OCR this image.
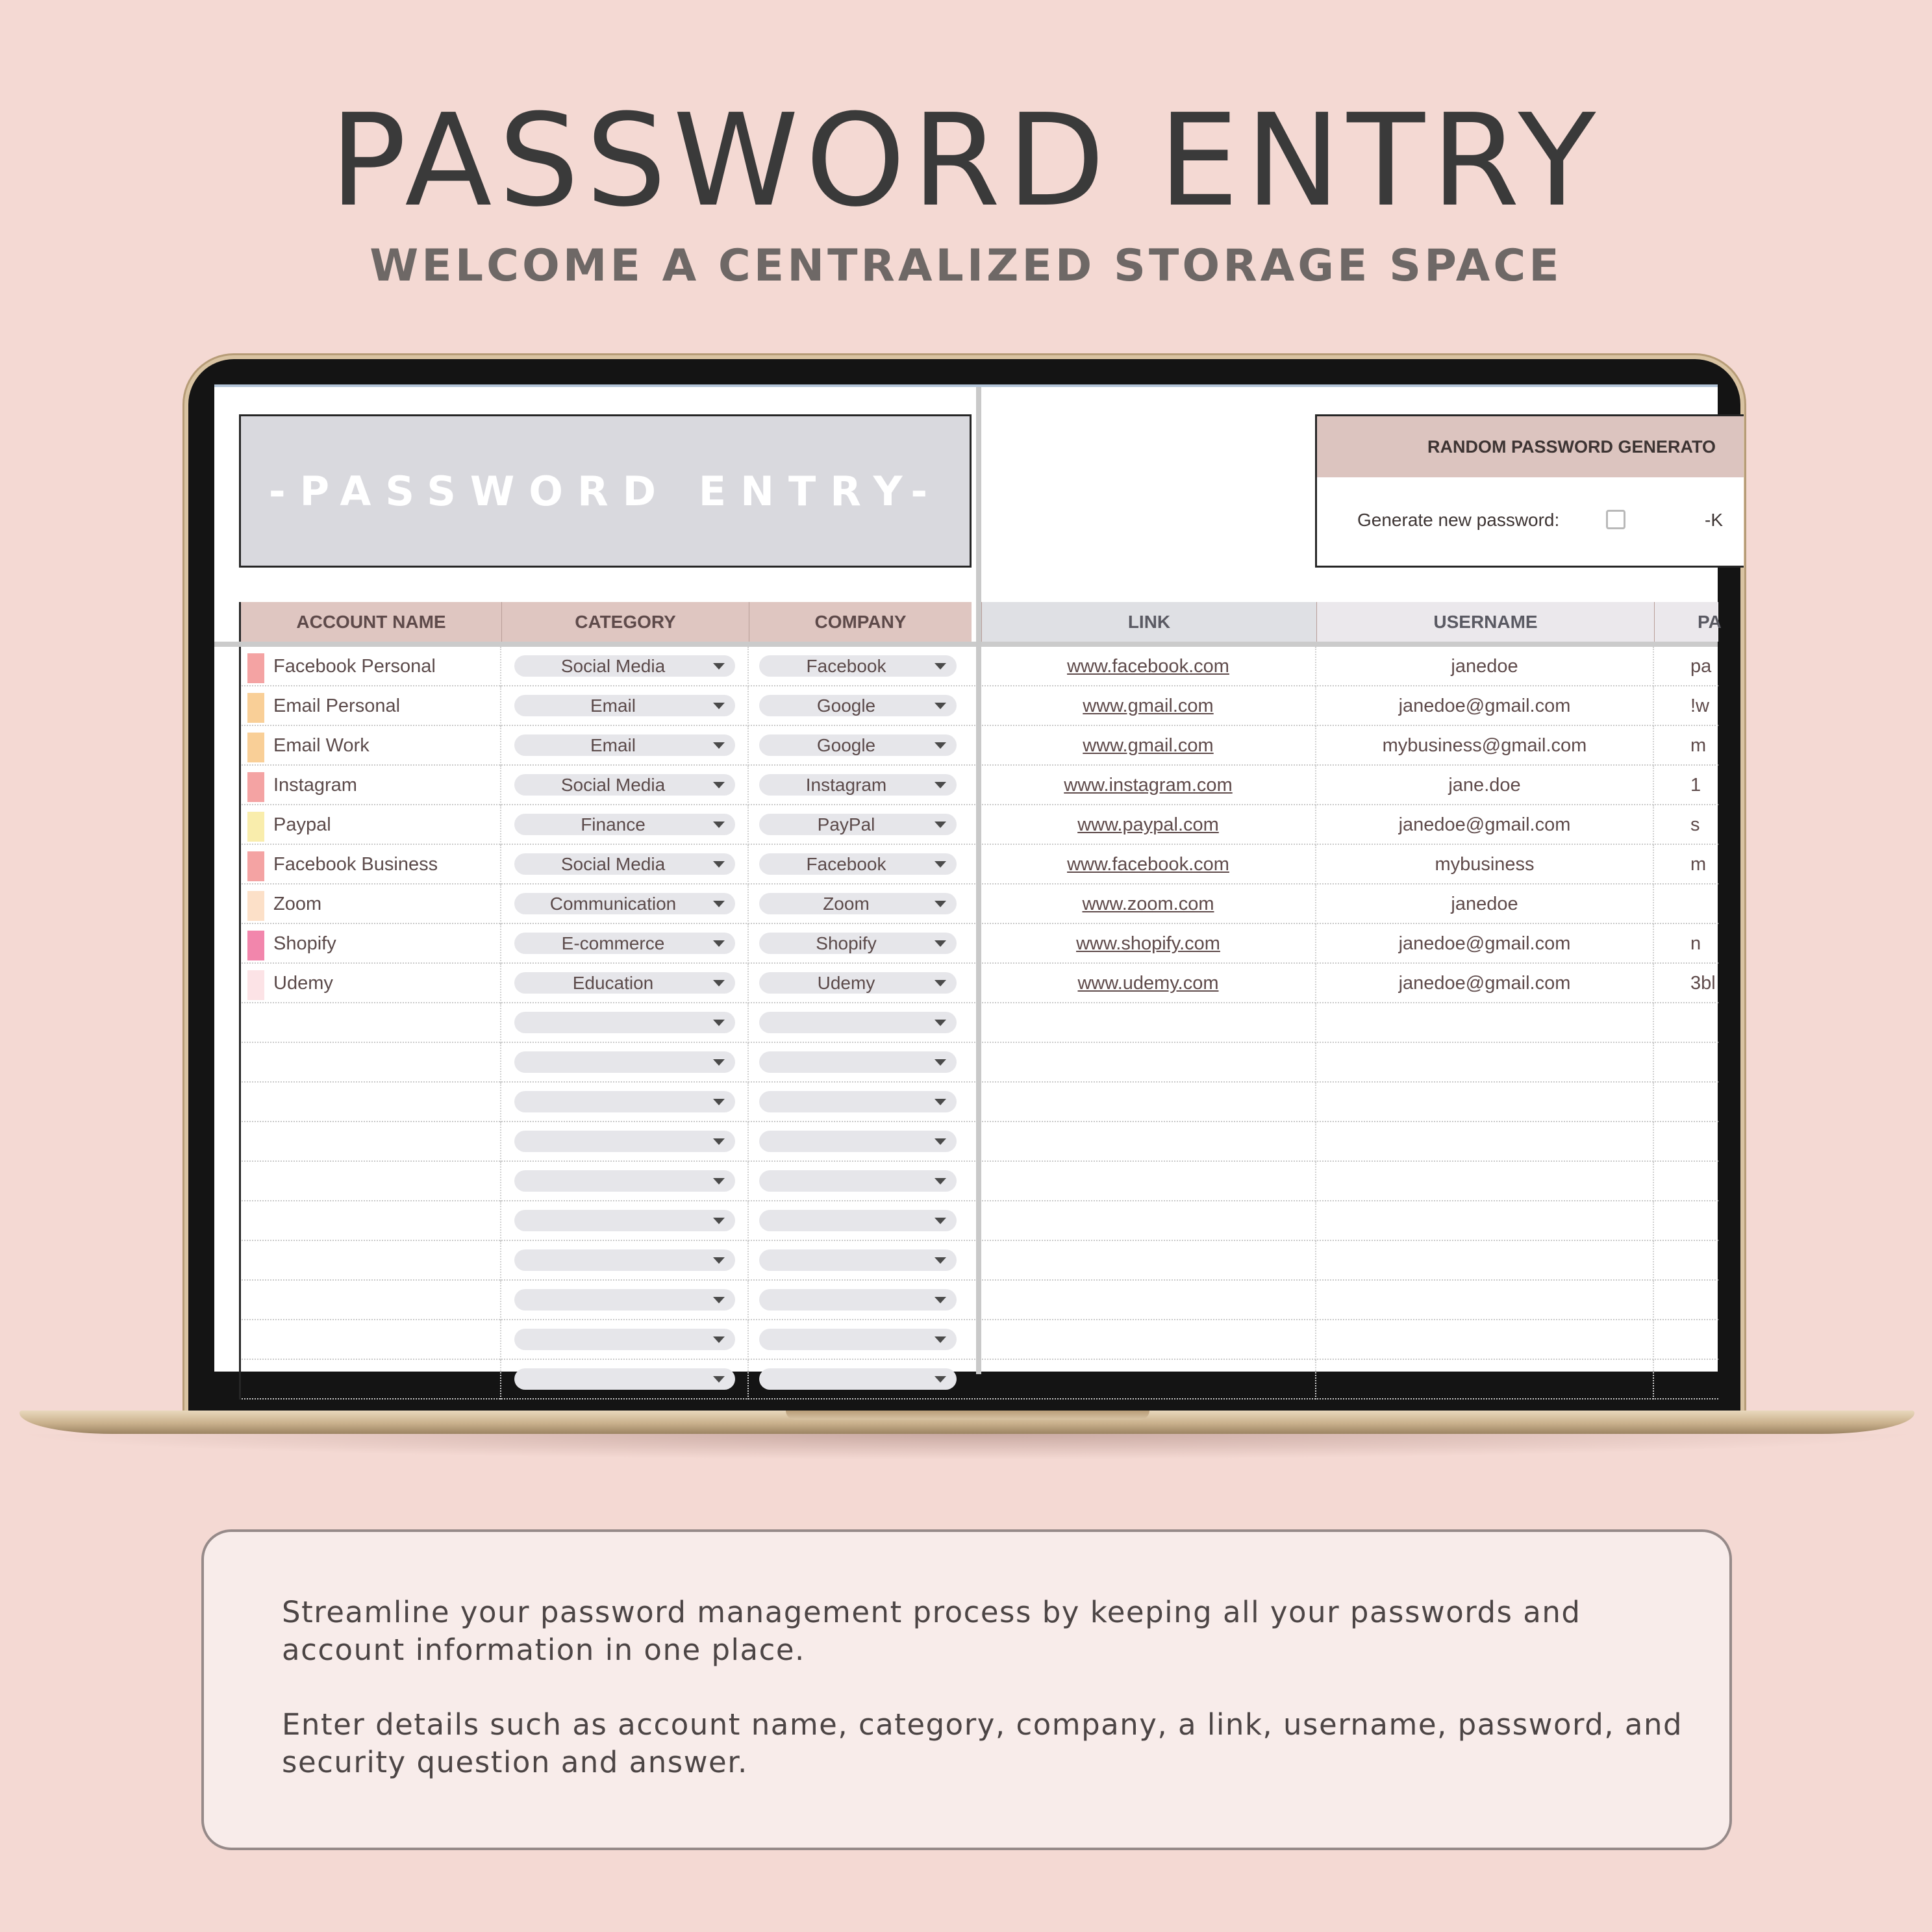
PASSWORD ENTRY
WELCOME A CENTRALIZED STORAGE SPACE
-PASSWORD ENTRY-
RANDOM PASSWORD GENERATO
Generate new password:	-K
ACCOUNT NAME	CATEGORY	COMPANY	LINK	USERNAME	PA
Facebook Personal	Social Media	Facebook	www.facebook.com	janedoe	pa
Email Personal	Email	Google	www.gmail.com	janedoe@gmail.com	!w
Email Work	Email	Google	www.gmail.com	mybusiness@gmail.com	m
Instagram	Social Media	Instagram	www.instagram.com	jane.doe	1
Paypal	Finance	PayPal	www.paypal.com	janedoe@gmail.com	s
Facebook Business	Social Media	Facebook	www.facebook.com	mybusiness	m
Zoom	Communication	Zoom	www.zoom.com	janedoe
Shopify	E-commerce	Shopify	www.shopify.com	janedoe@gmail.com	n
Udemy	Education	Udemy	www.udemy.com	janedoe@gmail.com	3bl

Streamline your password management process by keeping all your passwords and account information in one place.

Enter details such as account name, category, company, a link, username, password, and security question and answer.
